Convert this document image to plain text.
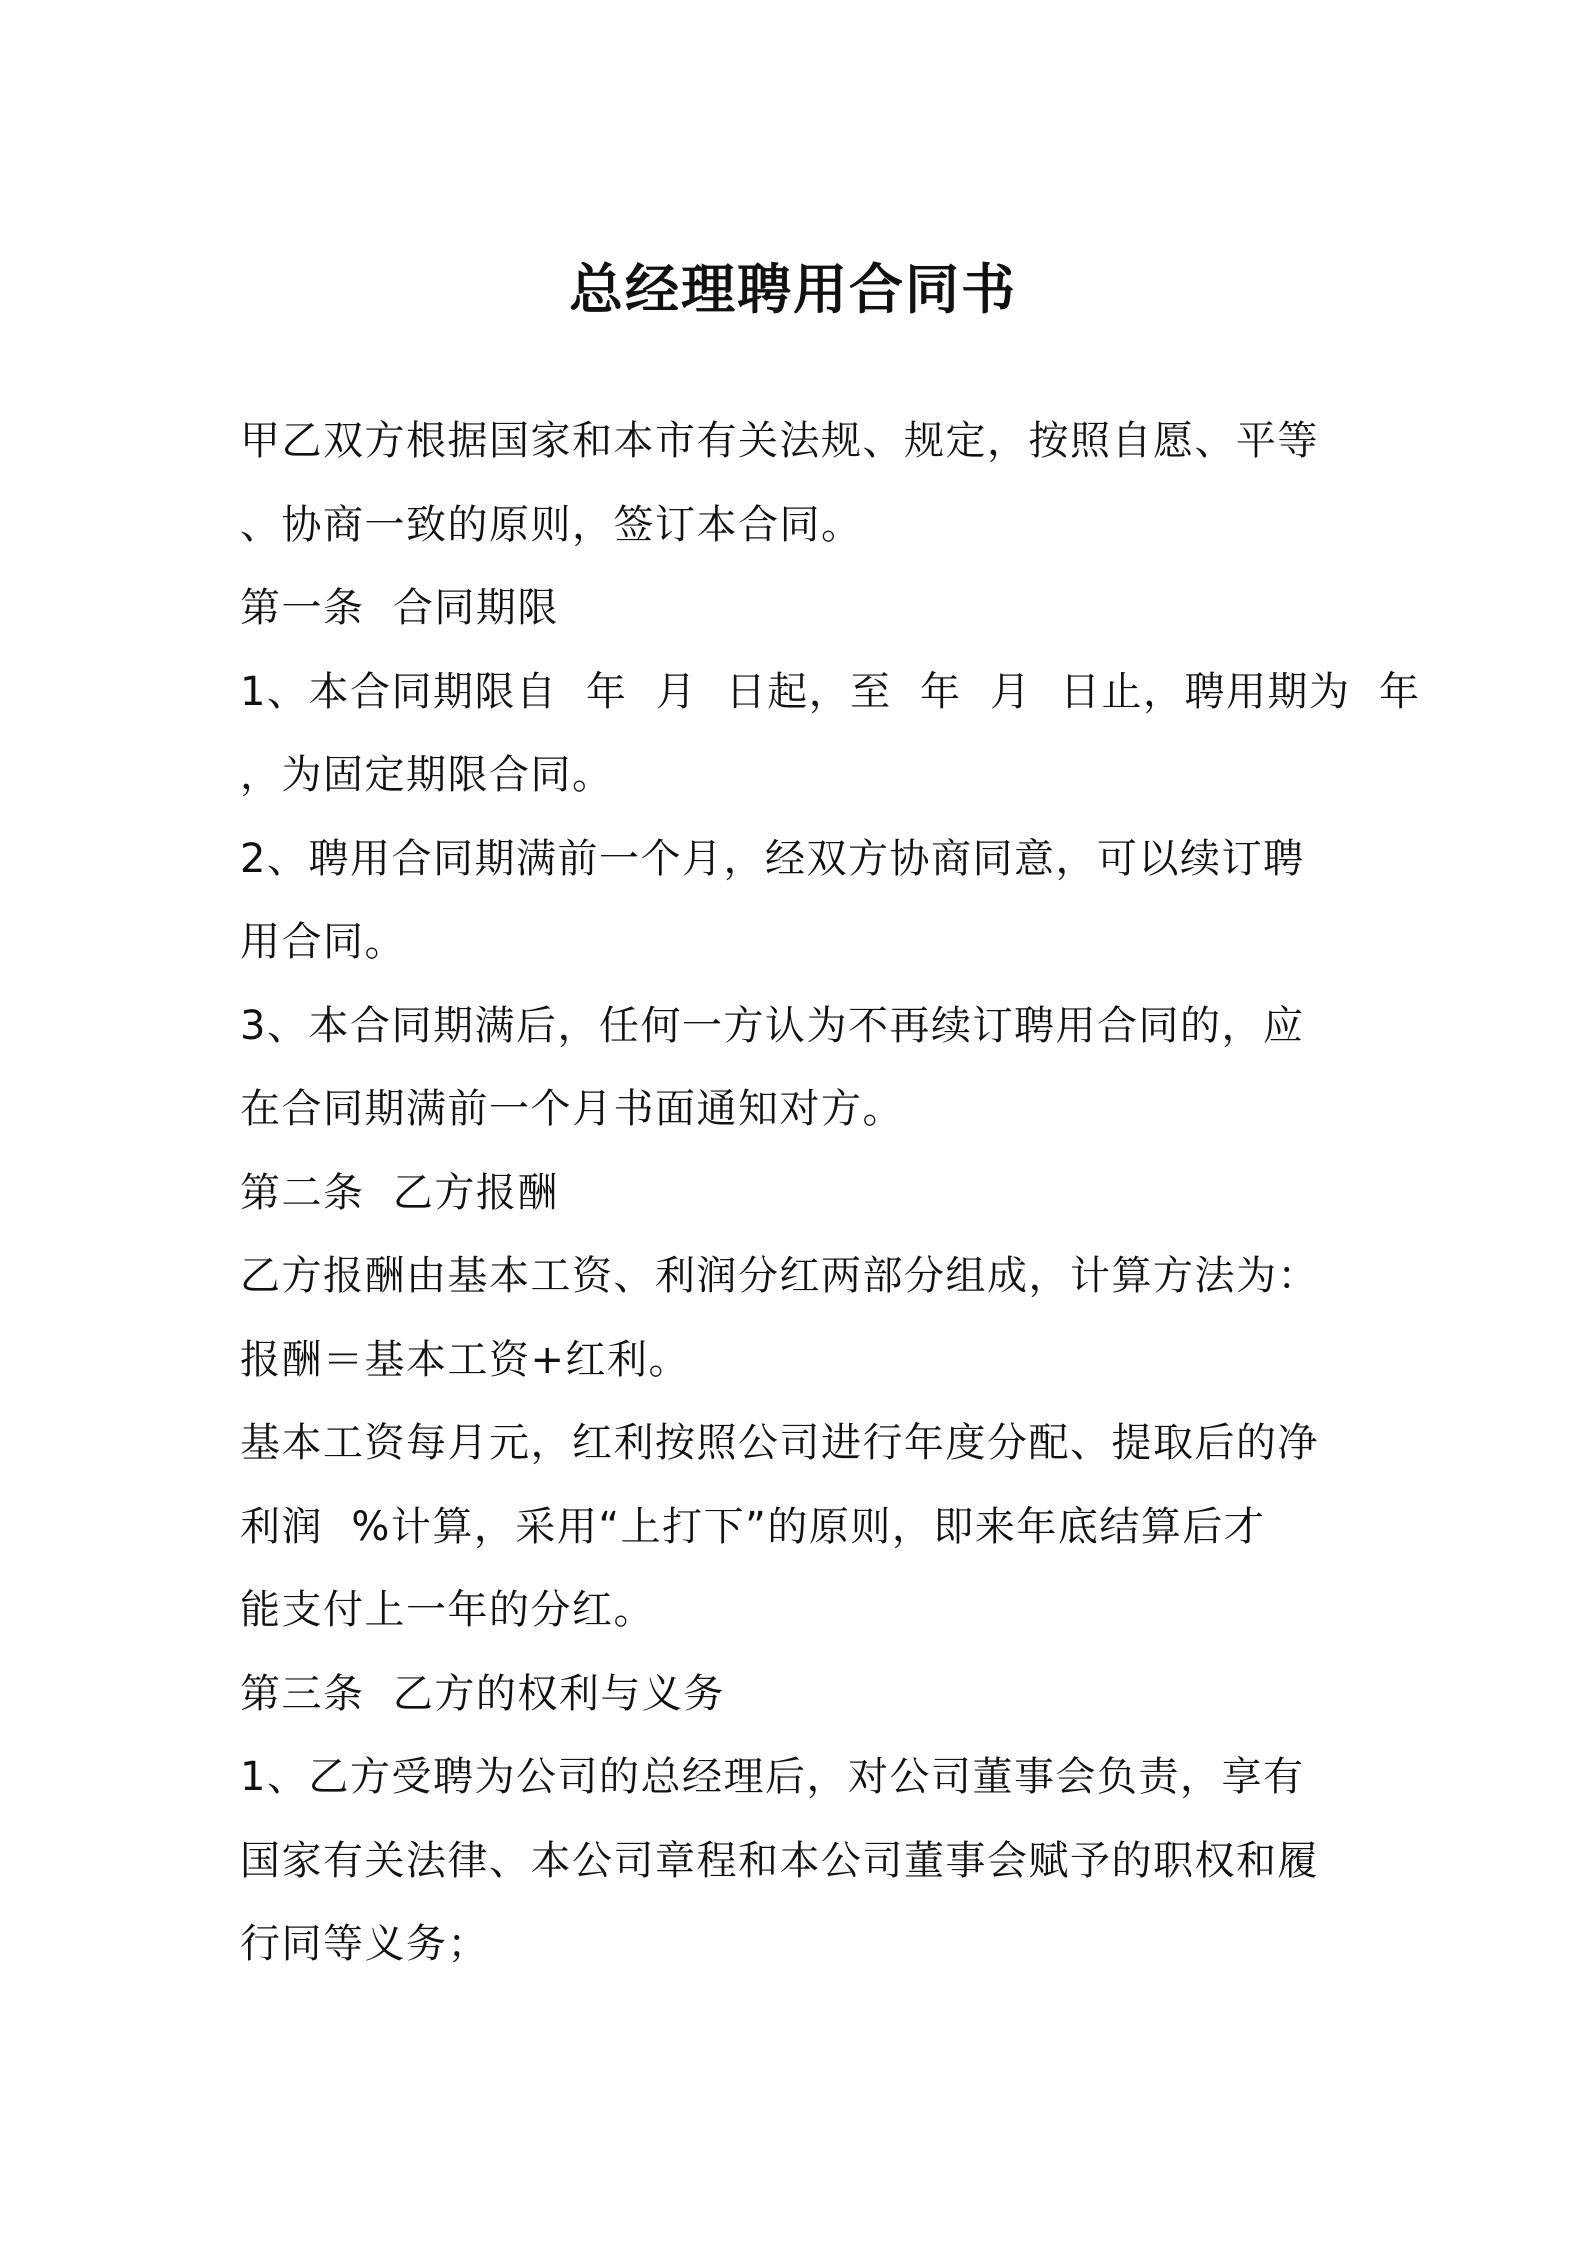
总经理聘用合同书
甲乙双方根据国家和本市有关法规、规定，按照自愿、平等
、协商一致的原则，签订本合同。
第一条  合同期限
1、本合同期限自  年  月  日起，至  年  月  日止，聘用期为  年
，为固定期限合同。
2、聘用合同期满前一个月，经双方协商同意，可以续订聘
用合同。
3、本合同期满后，任何一方认为不再续订聘用合同的，应
在合同期满前一个月书面通知对方。
第二条  乙方报酬
乙方报酬由基本工资、利润分红两部分组成，计算方法为：
报酬＝基本工资+红利。
基本工资每月元，红利按照公司进行年度分配、提取后的净
利润  %计算，采用“上打下”的原则，即来年底结算后才
能支付上一年的分红。
第三条  乙方的权利与义务
1、乙方受聘为公司的总经理后，对公司董事会负责，享有
国家有关法律、本公司章程和本公司董事会赋予的职权和履
行同等义务；
